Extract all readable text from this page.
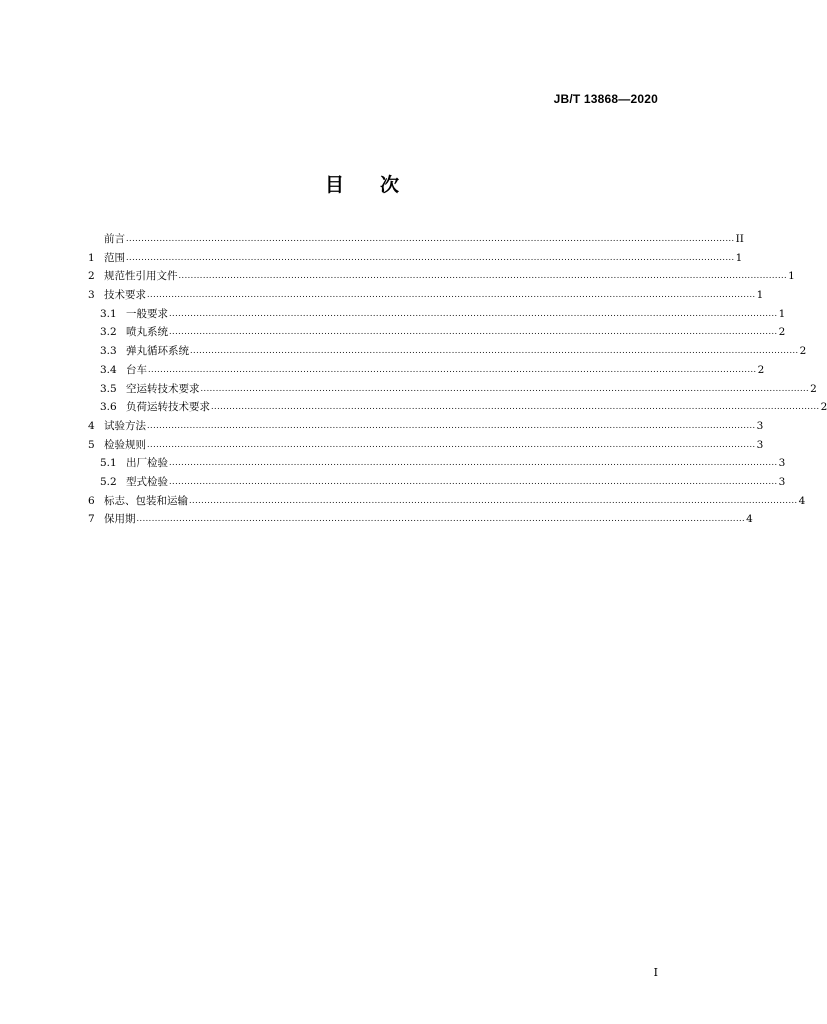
JB/T 13868—2020
目 次
前言 ........................................................................................................................................................................................................ II
1 范围 ........................................................................................................................................................................................................ 1
2 规范性引用文件 ........................................................................................................................................................................................................ 1
3 技术要求 ........................................................................................................................................................................................................ 1
3.1 一般要求 ........................................................................................................................................................................................................ 1
3.2 喷丸系统 ........................................................................................................................................................................................................ 2
3.3 弹丸循环系统 ........................................................................................................................................................................................................ 2
3.4 台车 ........................................................................................................................................................................................................ 2
3.5 空运转技术要求 ........................................................................................................................................................................................................ 2
3.6 负荷运转技术要求 ........................................................................................................................................................................................................ 2
4 试验方法 ........................................................................................................................................................................................................ 3
5 检验规则 ........................................................................................................................................................................................................ 3
5.1 出厂检验 ........................................................................................................................................................................................................ 3
5.2 型式检验 ........................................................................................................................................................................................................ 3
6 标志、包装和运输 ........................................................................................................................................................................................................ 4
7 保用期 ........................................................................................................................................................................................................ 4
I
